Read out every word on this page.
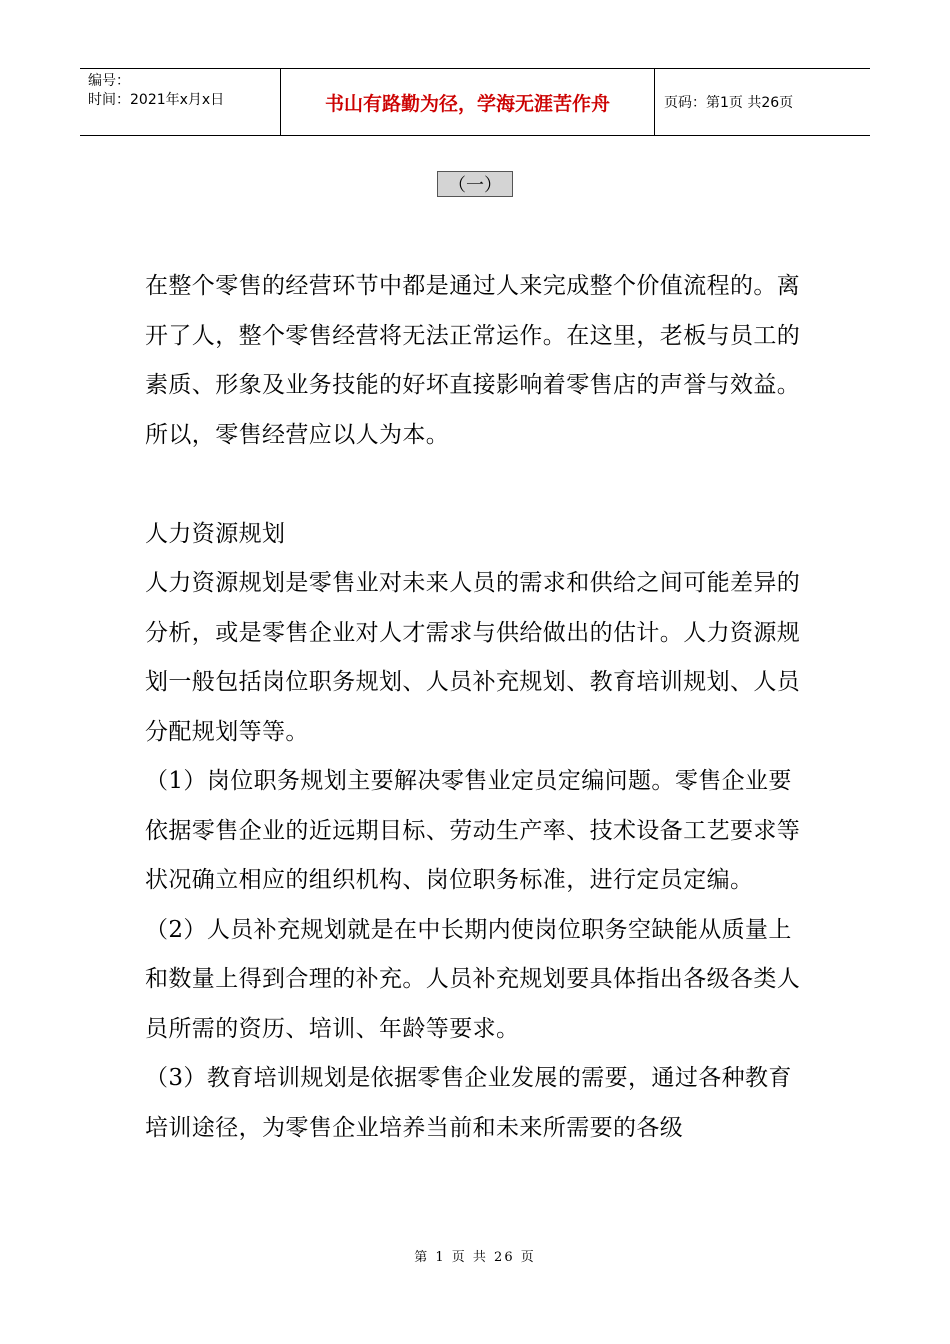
编号：
时间：2021年x月x日	书山有路勤为径，学海无涯苦作舟	页码：第1页 共26页
（一）

在整个零售的经营环节中都是通过人来完成整个价值流程的。离开了人，整个零售经营将无法正常运作。在这里，老板与员工的素质、形象及业务技能的好坏直接影响着零售店的声誉与效益。所以，零售经营应以人为本。

人力资源规划

人力资源规划是零售业对未来人员的需求和供给之间可能差异的分析，或是零售企业对人才需求与供给做出的估计。人力资源规划一般包括岗位职务规划、人员补充规划、教育培训规划、人员分配规划等等。

（1）岗位职务规划主要解决零售业定员定编问题。零售企业要依据零售企业的近远期目标、劳动生产率、技术设备工艺要求等状况确立相应的组织机构、岗位职务标准，进行定员定编。

（2）人员补充规划就是在中长期内使岗位职务空缺能从质量上和数量上得到合理的补充。人员补充规划要具体指出各级各类人员所需的资历、培训、年龄等要求。

（3）教育培训规划是依据零售企业发展的需要，通过各种教育培训途径，为零售企业培养当前和未来所需要的各级

第 1 页 共 26 页
